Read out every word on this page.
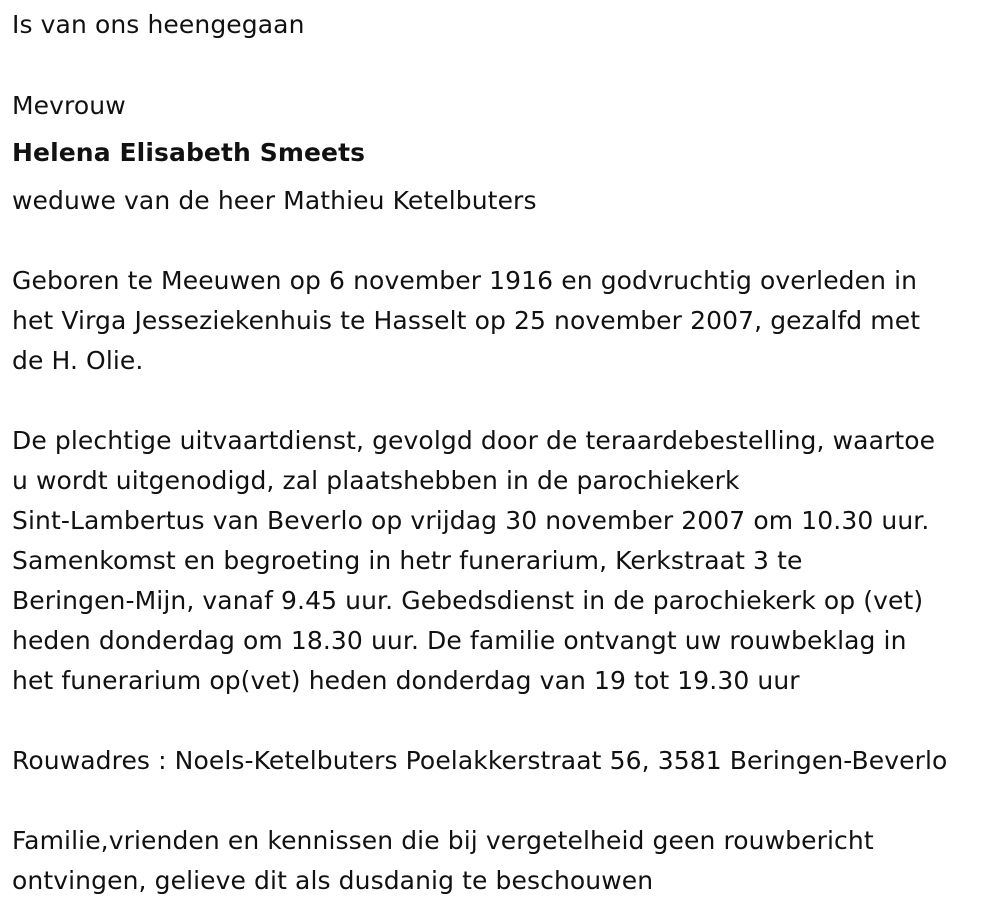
Is van ons heengegaan
Mevrouw
Helena Elisabeth Smeets
weduwe van de heer Mathieu Ketelbuters
Geboren te Meeuwen op 6 november 1916 en godvruchtig overleden in
het Virga Jesseziekenhuis te Hasselt op 25 november 2007, gezalfd met
de H. Olie.
De plechtige uitvaartdienst, gevolgd door de teraardebestelling, waartoe
u wordt uitgenodigd, zal plaatshebben in de parochiekerk
Sint-Lambertus van Beverlo op vrijdag 30 november 2007 om 10.30 uur.
Samenkomst en begroeting in hetr funerarium, Kerkstraat 3 te
Beringen-Mijn, vanaf 9.45 uur. Gebedsdienst in de parochiekerk op (vet)
heden donderdag om 18.30 uur. De familie ontvangt uw rouwbeklag in
het funerarium op(vet) heden donderdag van 19 tot 19.30 uur
Rouwadres : Noels-Ketelbuters Poelakkerstraat 56, 3581 Beringen-Beverlo
Familie,vrienden en kennissen die bij vergetelheid geen rouwbericht
ontvingen, gelieve dit als dusdanig te beschouwen
